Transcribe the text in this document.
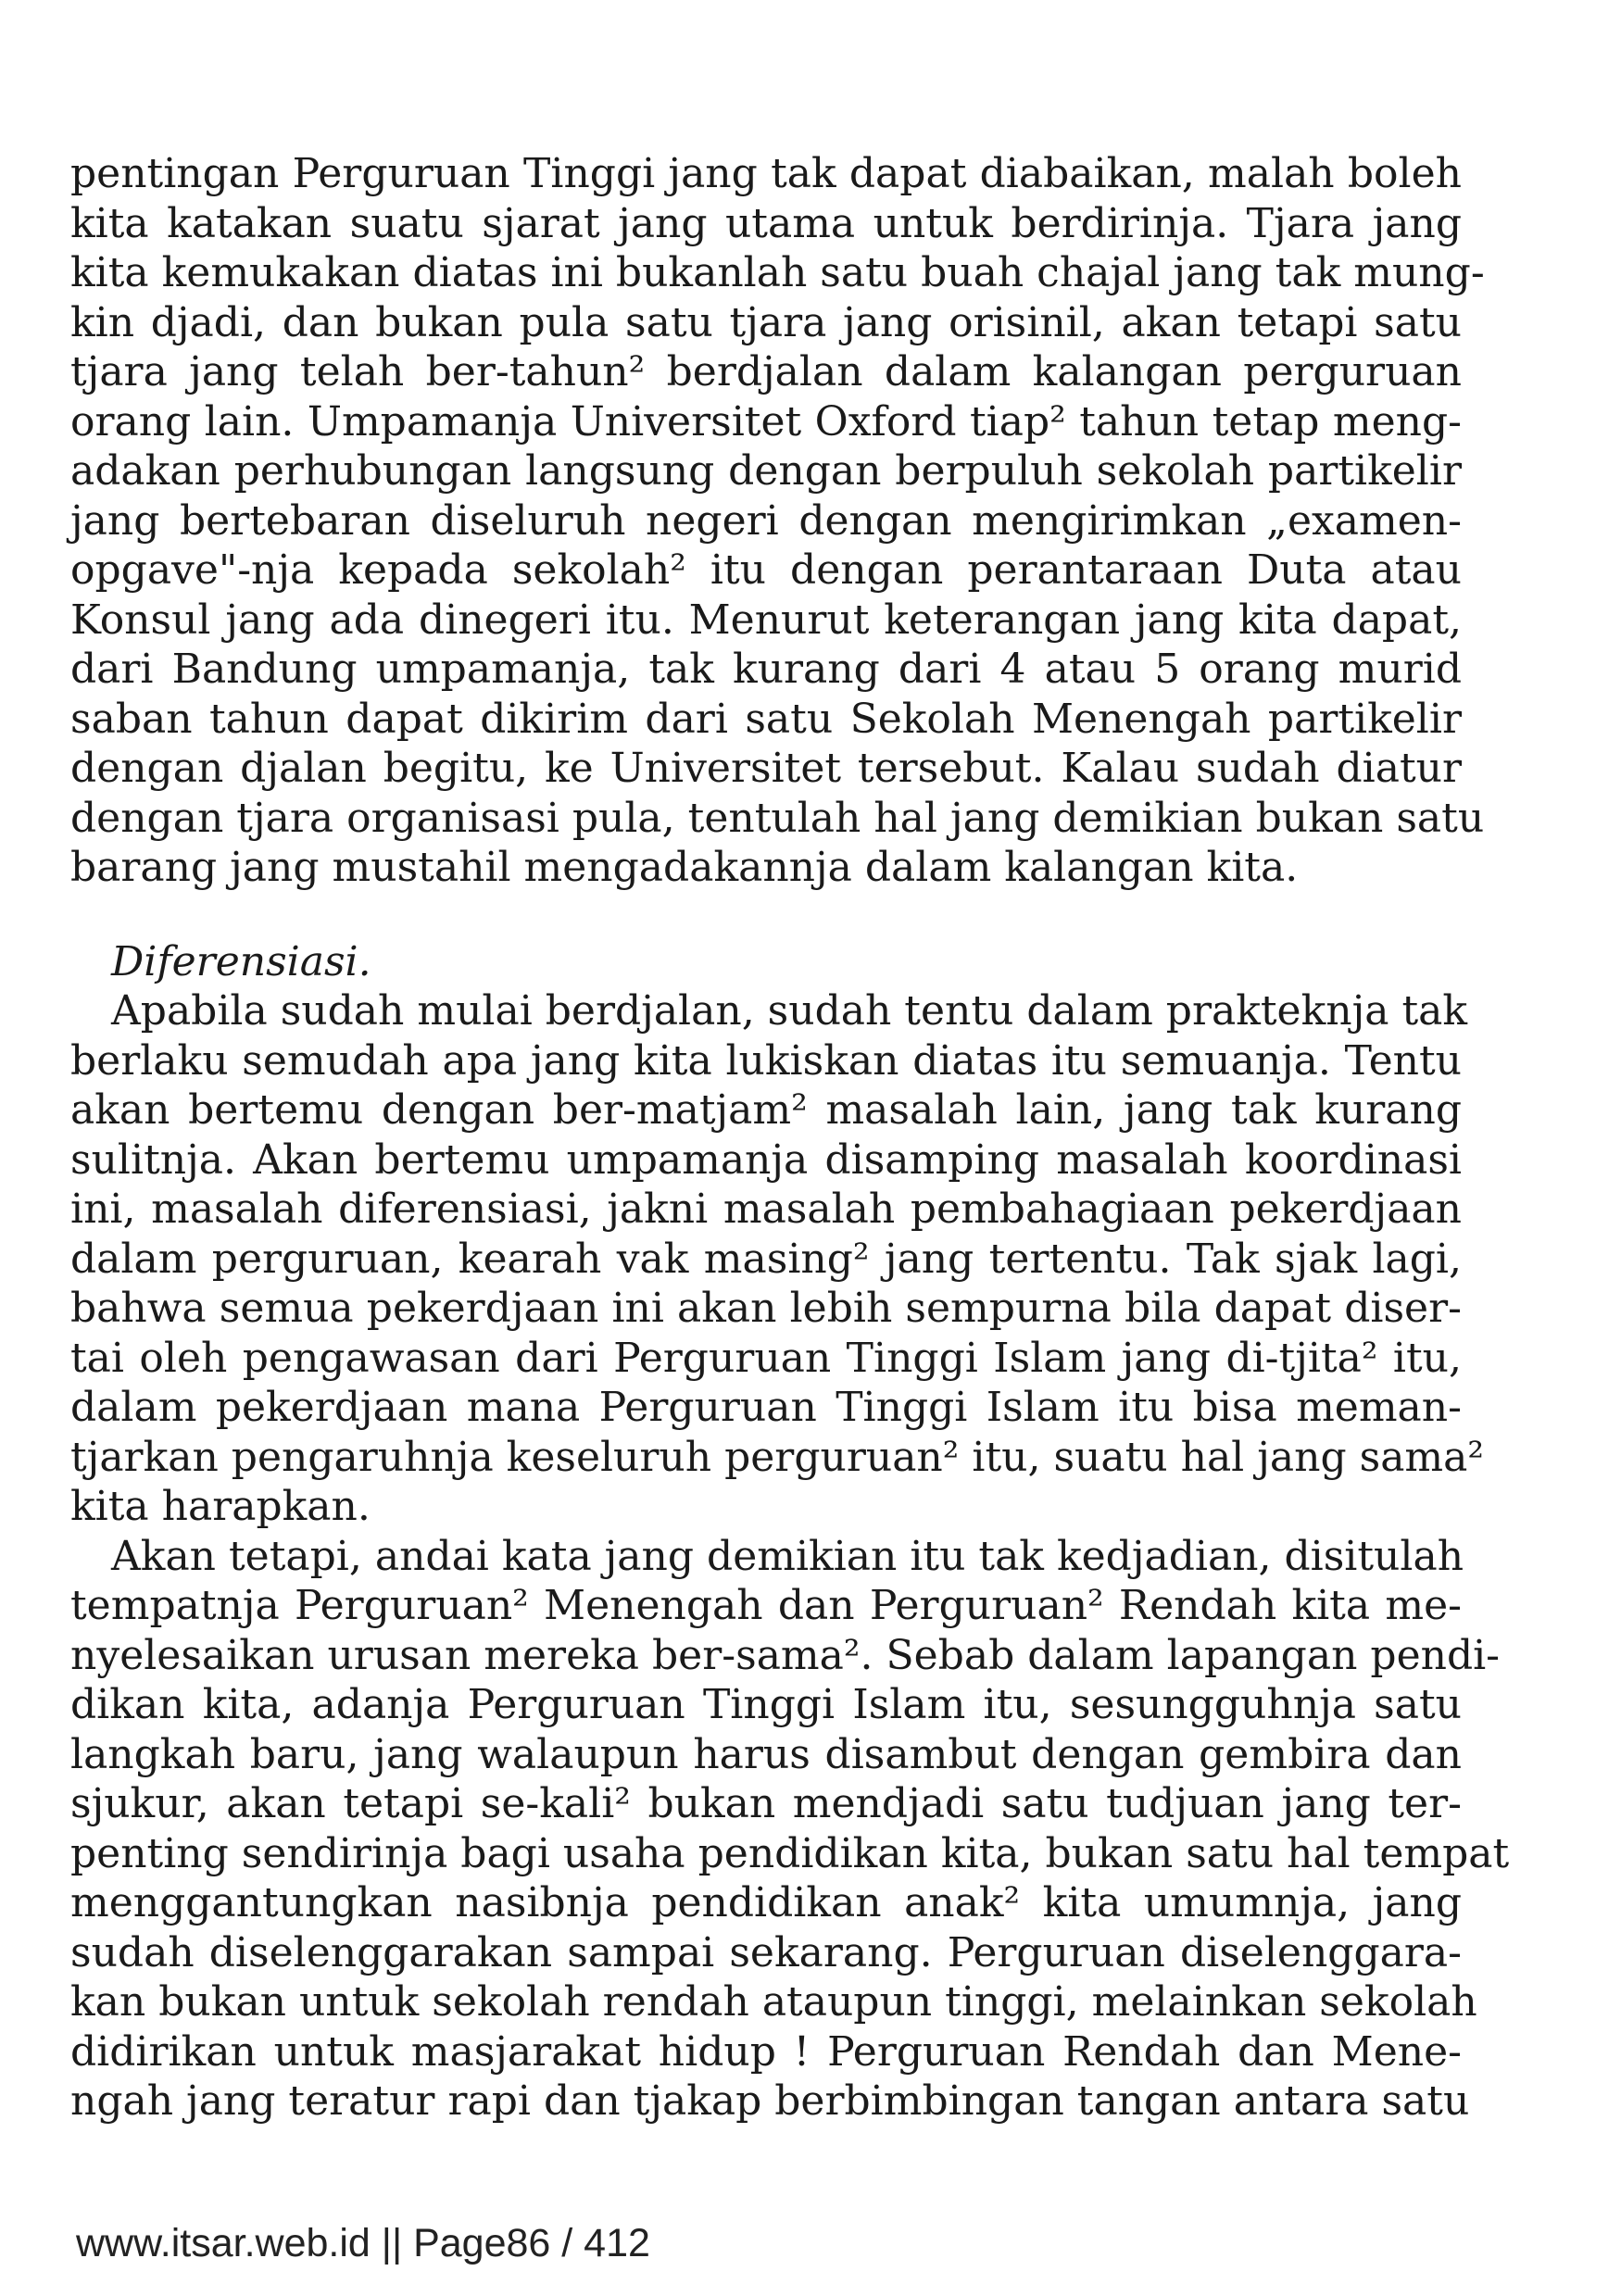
pentingan Perguruan Tinggi jang tak dapat diabaikan, malah boleh
kita katakan suatu sjarat jang utama untuk berdirinja. Tjara jang
kita kemukakan diatas ini bukanlah satu buah chajal jang tak mung-
kin djadi, dan bukan pula satu tjara jang orisinil, akan tetapi satu
tjara jang telah ber-tahun² berdjalan dalam kalangan perguruan
orang lain. Umpamanja Universitet Oxford tiap² tahun tetap meng-
adakan perhubungan langsung dengan berpuluh sekolah partikelir
jang bertebaran diseluruh negeri dengan mengirimkan „examen-
opgave"-nja kepada sekolah² itu dengan perantaraan Duta atau
Konsul jang ada dinegeri itu. Menurut keterangan jang kita dapat,
dari Bandung umpamanja, tak kurang dari 4 atau 5 orang murid
saban tahun dapat dikirim dari satu Sekolah Menengah partikelir
dengan djalan begitu, ke Universitet tersebut. Kalau sudah diatur
dengan tjara organisasi pula, tentulah hal jang demikian bukan satu
barang jang mustahil mengadakannja dalam kalangan kita.
Diferensiasi.
Apabila sudah mulai berdjalan, sudah tentu dalam prakteknja tak
berlaku semudah apa jang kita lukiskan diatas itu semuanja. Tentu
akan bertemu dengan ber-matjam² masalah lain, jang tak kurang
sulitnja. Akan bertemu umpamanja disamping masalah koordinasi
ini, masalah diferensiasi, jakni masalah pembahagiaan pekerdjaan
dalam perguruan, kearah vak masing² jang tertentu. Tak sjak lagi,
bahwa semua pekerdjaan ini akan lebih sempurna bila dapat diser-
tai oleh pengawasan dari Perguruan Tinggi Islam jang di-tjita² itu,
dalam pekerdjaan mana Perguruan Tinggi Islam itu bisa meman-
tjarkan pengaruhnja keseluruh perguruan² itu, suatu hal jang sama²
kita harapkan.
Akan tetapi, andai kata jang demikian itu tak kedjadian, disitulah
tempatnja Perguruan² Menengah dan Perguruan² Rendah kita me-
nyelesaikan urusan mereka ber-sama². Sebab dalam lapangan pendi-
dikan kita, adanja Perguruan Tinggi Islam itu, sesungguhnja satu
langkah baru, jang walaupun harus disambut dengan gembira dan
sjukur, akan tetapi se-kali² bukan mendjadi satu tudjuan jang ter-
penting sendirinja bagi usaha pendidikan kita, bukan satu hal tempat
menggantungkan nasibnja pendidikan anak² kita umumnja, jang
sudah diselenggarakan sampai sekarang. Perguruan diselenggara-
kan bukan untuk sekolah rendah ataupun tinggi, melainkan sekolah
didirikan untuk masjarakat hidup ! Perguruan Rendah dan Mene-
ngah jang teratur rapi dan tjakap berbimbingan tangan antara satu
www.itsar.web.id || Page86 / 412
